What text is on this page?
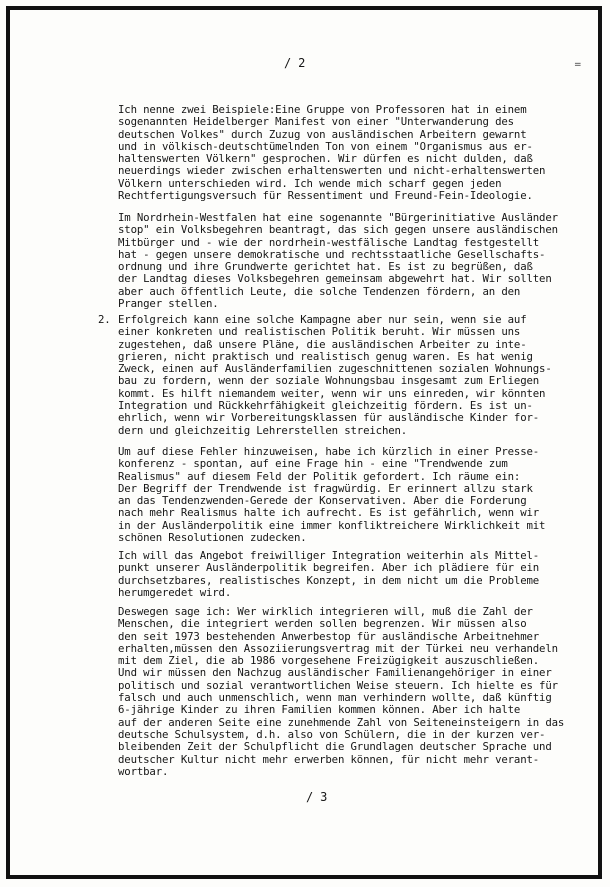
/ 2	=
Ich nenne zwei Beispiele:Eine Gruppe von Professoren hat in einem
sogenannten Heidelberger Manifest von einer "Unterwanderung des
deutschen Volkes" durch Zuzug von ausländischen Arbeitern gewarnt
und in völkisch-deutschtümelnden Ton von einem "Organismus aus er-
haltenswerten Völkern" gesprochen. Wir dürfen es nicht dulden, daß
neuerdings wieder zwischen erhaltenswerten und nicht-erhaltenswerten
Völkern unterschieden wird. Ich wende mich scharf gegen jeden
Rechtfertigungsversuch für Ressentiment und Freund-Fein-Ideologie.
Im Nordrhein-Westfalen hat eine sogenannte "Bürgerinitiative Ausländer
stop" ein Volksbegehren beantragt, das sich gegen unsere ausländischen
Mitbürger und - wie der nordrhein-westfälische Landtag festgestellt
hat - gegen unsere demokratische und rechtsstaatliche Gesellschafts-
ordnung und ihre Grundwerte gerichtet hat. Es ist zu begrüßen, daß
der Landtag dieses Volksbegehren gemeinsam abgewehrt hat. Wir sollten
aber auch öffentlich Leute, die solche Tendenzen fördern, an den
Pranger stellen.
2. Erfolgreich kann eine solche Kampagne aber nur sein, wenn sie auf
einer konkreten und realistischen Politik beruht. Wir müssen uns
zugestehen, daß unsere Pläne, die ausländischen Arbeiter zu inte-
grieren, nicht praktisch und realistisch genug waren. Es hat wenig
Zweck, einen auf Ausländerfamilien zugeschnittenen sozialen Wohnungs-
bau zu fordern, wenn der soziale Wohnungsbau insgesamt zum Erliegen
kommt. Es hilft niemandem weiter, wenn wir uns einreden, wir könnten
Integration und Rückkehrfähigkeit gleichzeitig fördern. Es ist un-
ehrlich, wenn wir Vorbereitungsklassen für ausländische Kinder for-
dern und gleichzeitig Lehrerstellen streichen.
Um auf diese Fehler hinzuweisen, habe ich kürzlich in einer Presse-
konferenz - spontan, auf eine Frage hin - eine "Trendwende zum
Realismus" auf diesem Feld der Politik gefordert. Ich räume ein:
Der Begriff der Trendwende ist fragwürdig. Er erinnert allzu stark
an das Tendenzwenden-Gerede der Konservativen. Aber die Forderung
nach mehr Realismus halte ich aufrecht. Es ist gefährlich, wenn wir
in der Ausländerpolitik eine immer konfliktreichere Wirklichkeit mit
schönen Resolutionen zudecken.
Ich will das Angebot freiwilliger Integration weiterhin als Mittel-
punkt unserer Ausländerpolitik begreifen. Aber ich plädiere für ein
durchsetzbares, realistisches Konzept, in dem nicht um die Probleme
herumgeredet wird.
Deswegen sage ich: Wer wirklich integrieren will, muß die Zahl der
Menschen, die integriert werden sollen begrenzen. Wir müssen also
den seit 1973 bestehenden Anwerbestop für ausländische Arbeitnehmer
erhalten,müssen den Assoziierungsvertrag mit der Türkei neu verhandeln
mit dem Ziel, die ab 1986 vorgesehene Freizügigkeit auszuschließen.
Und wir müssen den Nachzug ausländischer Familienangehöriger in einer
politisch und sozial verantwortlichen Weise steuern. Ich hielte es für
falsch und auch unmenschlich, wenn man verhindern wollte, daß künftig
6-jährige Kinder zu ihren Familien kommen können. Aber ich halte
auf der anderen Seite eine zunehmende Zahl von Seiteneinsteigern in das
deutsche Schulsystem, d.h. also von Schülern, die in der kurzen ver-
bleibenden Zeit der Schulpflicht die Grundlagen deutscher Sprache und
deutscher Kultur nicht mehr erwerben können, für nicht mehr verant-
wortbar.
/ 3
